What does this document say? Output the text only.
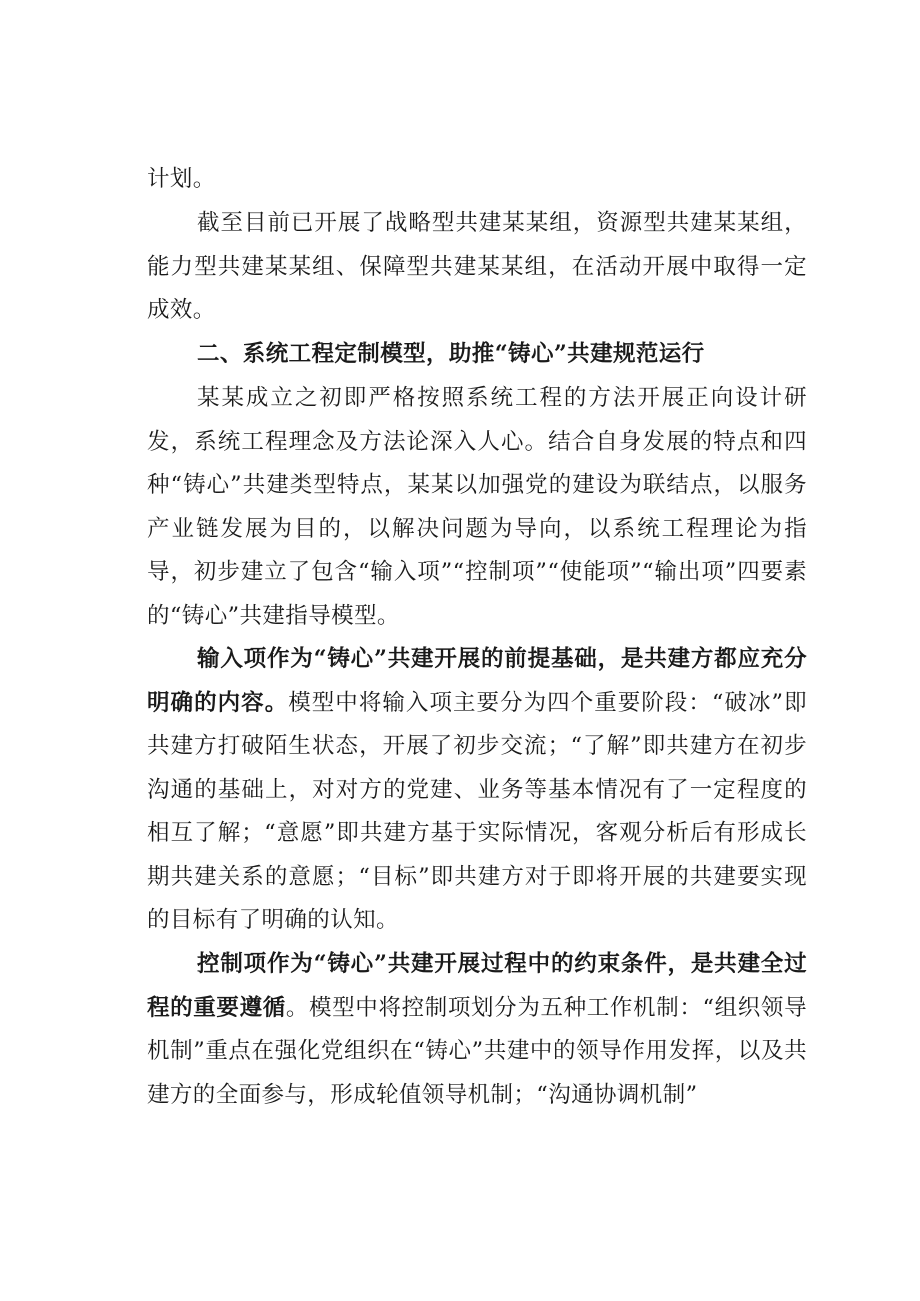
计划。

截至目前已开展了战略型共建某某组，资源型共建某某组，能力型共建某某组、保障型共建某某组，在活动开展中取得一定成效。

二、系统工程定制模型，助推“铸心”共建规范运行

某某成立之初即严格按照系统工程的方法开展正向设计研发，系统工程理念及方法论深入人心。结合自身发展的特点和四种“铸心”共建类型特点，某某以加强党的建设为联结点，以服务产业链发展为目的，以解决问题为导向，以系统工程理论为指导，初步建立了包含“输入项”“控制项”“使能项”“输出项”四要素的“铸心”共建指导模型。

输入项作为“铸心”共建开展的前提基础，是共建方都应充分明确的内容。模型中将输入项主要分为四个重要阶段：“破冰”即共建方打破陌生状态，开展了初步交流；“了解”即共建方在初步沟通的基础上，对对方的党建、业务等基本情况有了一定程度的相互了解；“意愿”即共建方基于实际情况，客观分析后有形成长期共建关系的意愿；“目标”即共建方对于即将开展的共建要实现的目标有了明确的认知。

控制项作为“铸心”共建开展过程中的约束条件，是共建全过程的重要遵循。模型中将控制项划分为五种工作机制：“组织领导机制”重点在强化党组织在“铸心”共建中的领导作用发挥，以及共建方的全面参与，形成轮值领导机制；“沟通协调机制”
